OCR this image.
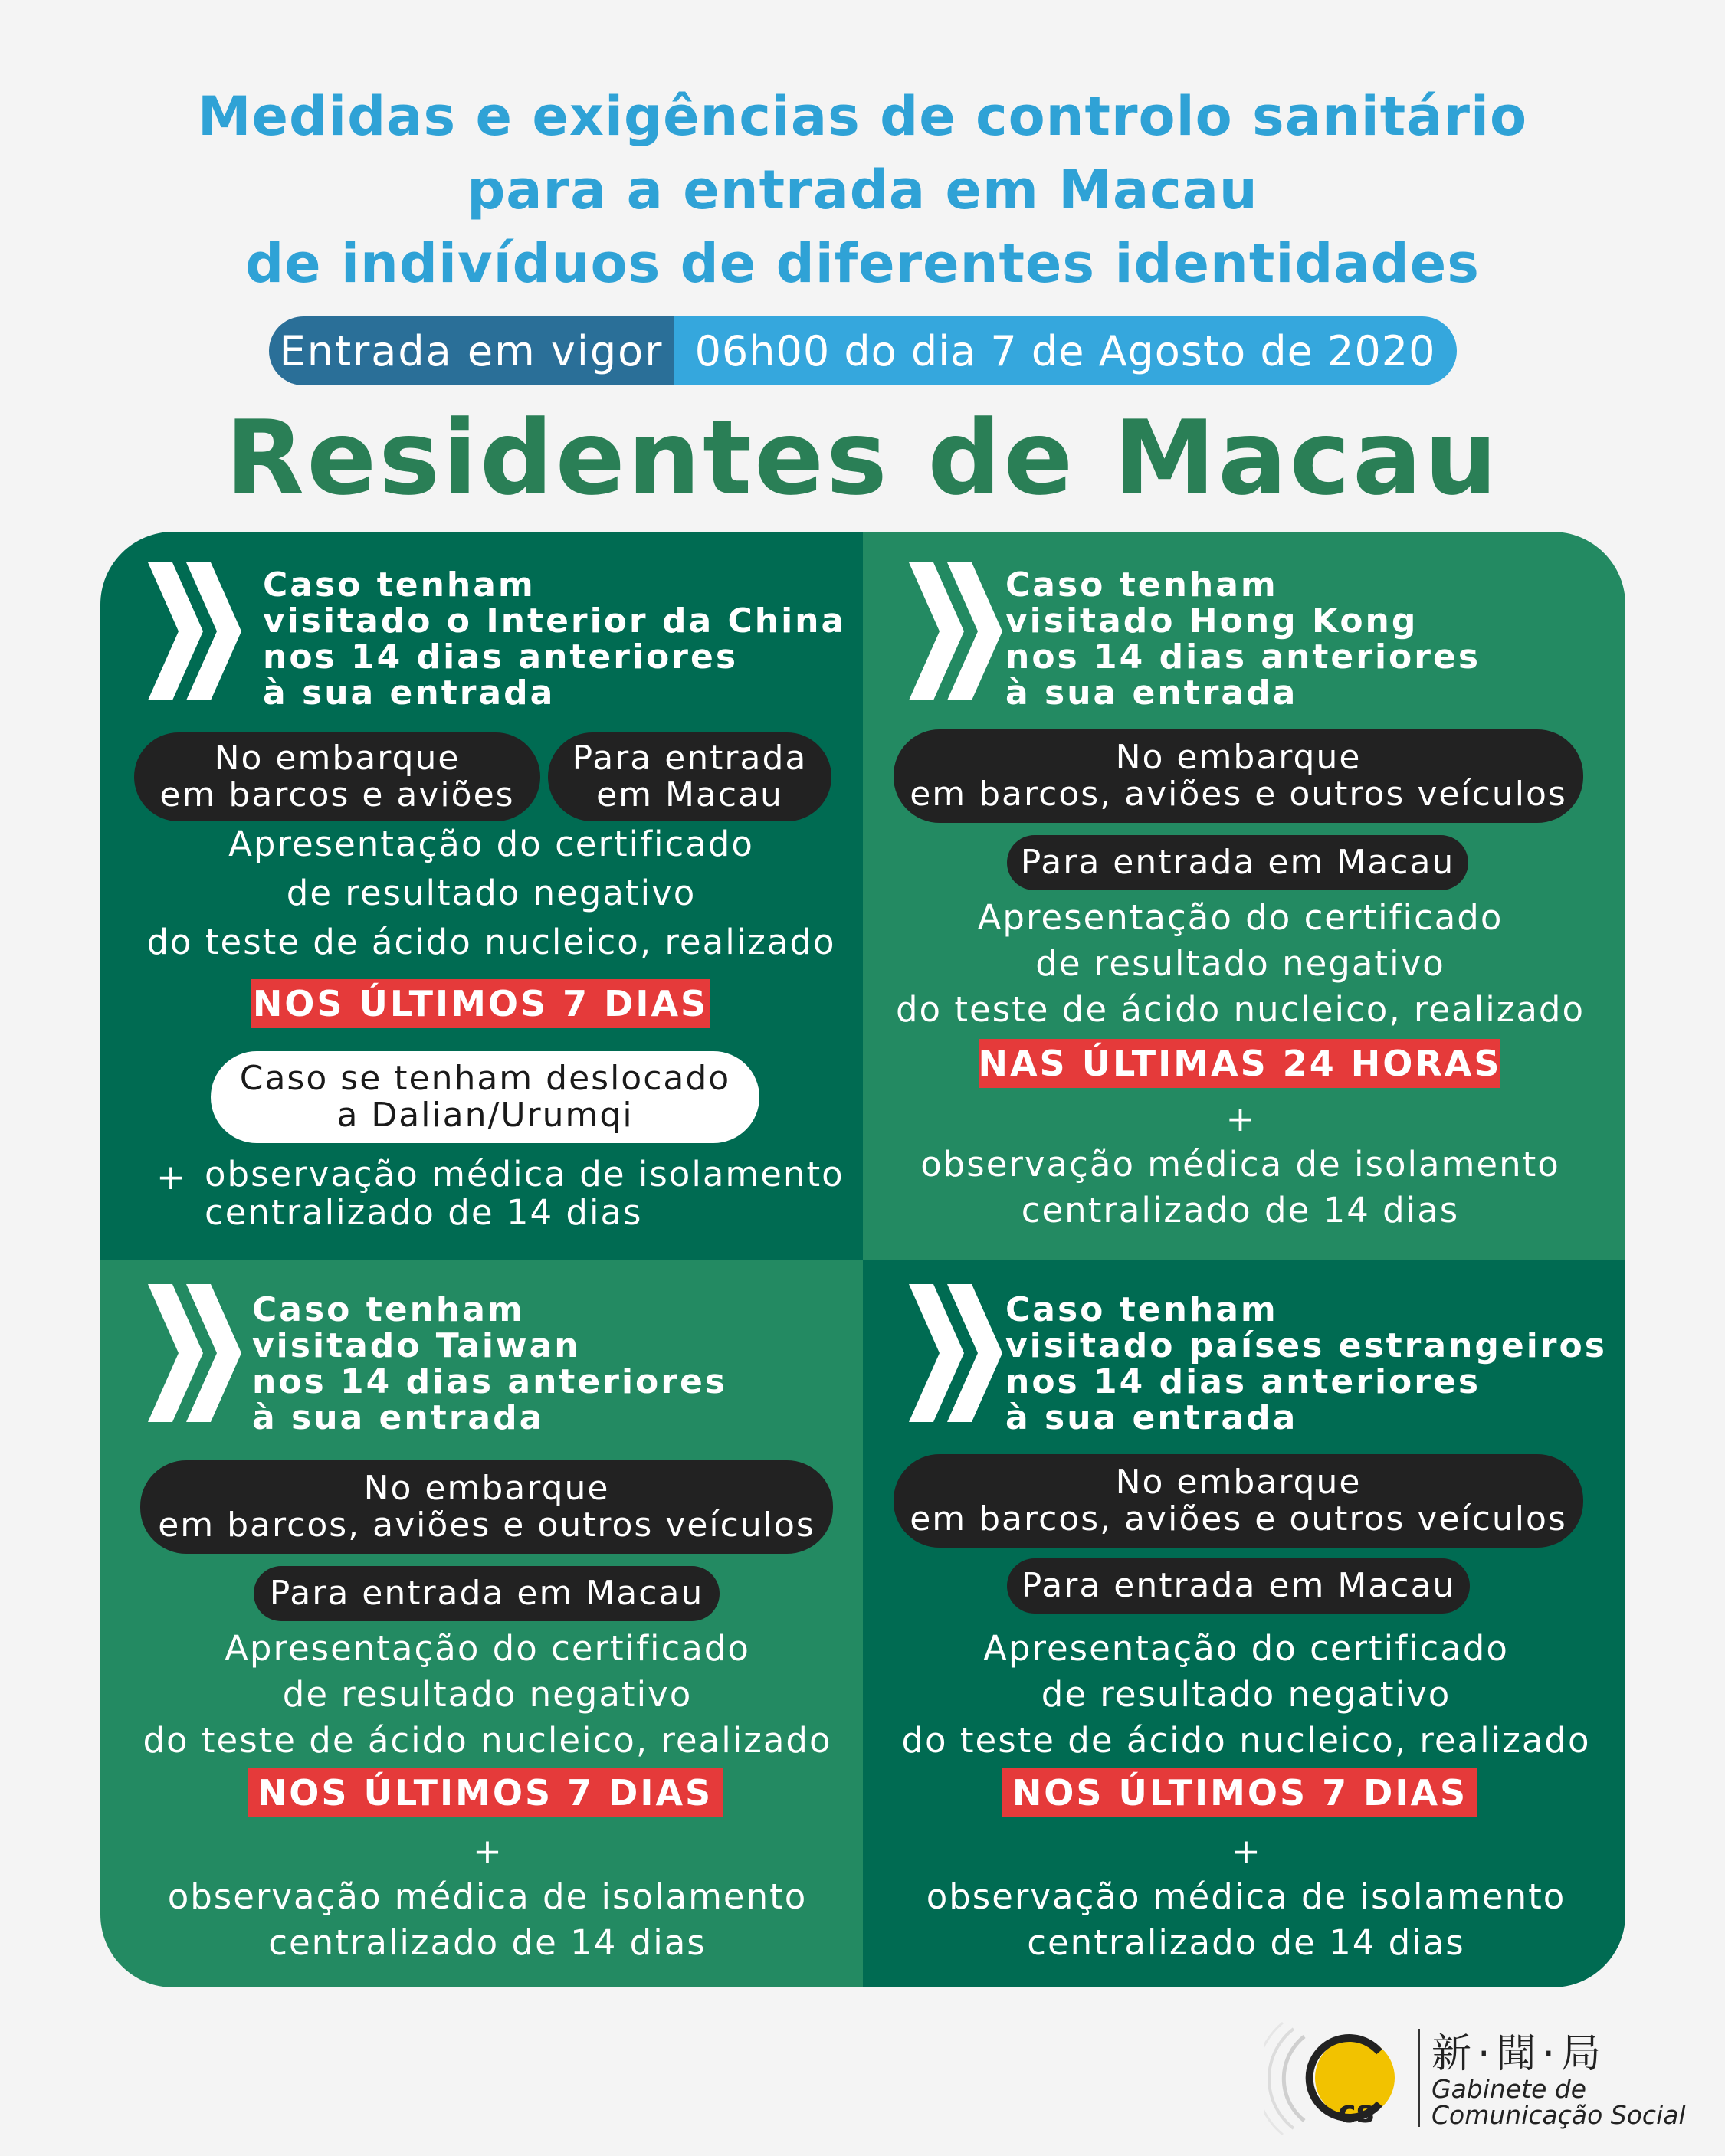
Medidas e exigências de controlo sanitário
para a entrada em Macau
de indivíduos de diferentes identidades
Entrada em vigor 06h00 do dia 7 de Agosto de 2020
Residentes de Macau
Caso tenham
visitado o Interior da China
nos 14 dias anteriores
à sua entrada
No embarque
em barcos e aviões
Para entrada
em Macau
Apresentação do certificado
de resultado negativo
do teste de ácido nucleico, realizado
NOS ÚLTIMOS 7 DIAS
Caso se tenham deslocado
a Dalian/Urumqi
+ observação médica de isolamento
centralizado de 14 dias
Caso tenham
visitado Hong Kong
nos 14 dias anteriores
à sua entrada
No embarque
em barcos, aviões e outros veículos
Para entrada em Macau
Apresentação do certificado
de resultado negativo
do teste de ácido nucleico, realizado
NAS ÚLTIMAS 24 HORAS
+
observação médica de isolamento
centralizado de 14 dias
Caso tenham
visitado Taiwan
nos 14 dias anteriores
à sua entrada
No embarque
em barcos, aviões e outros veículos
Para entrada em Macau
Apresentação do certificado
de resultado negativo
do teste de ácido nucleico, realizado
NOS ÚLTIMOS 7 DIAS
+
observação médica de isolamento
centralizado de 14 dias
Caso tenham
visitado países estrangeiros
nos 14 dias anteriores
à sua entrada
No embarque
em barcos, aviões e outros veículos
Para entrada em Macau
Apresentação do certificado
de resultado negativo
do teste de ácido nucleico, realizado
NOS ÚLTIMOS 7 DIAS
+
observação médica de isolamento
centralizado de 14 dias
cs
新·聞·局
Gabinete de
Comunicação Social
